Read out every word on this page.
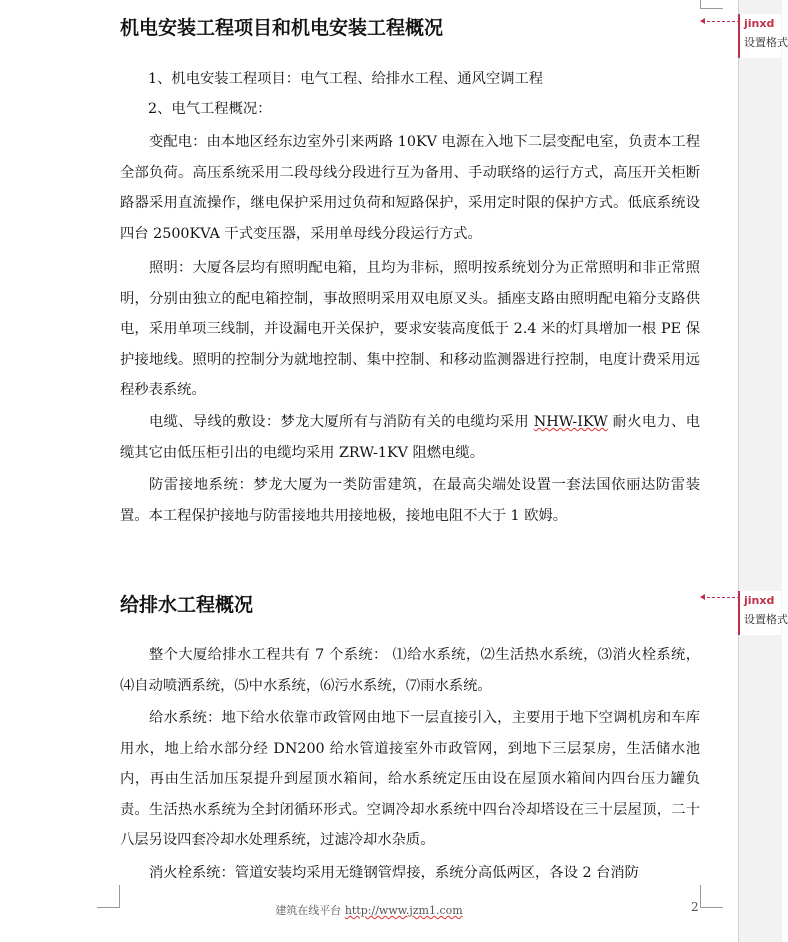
机电安装工程项目和机电安装工程概况

1、机电安装工程项目：电气工程、给排水工程、通风空调工程

2、电气工程概况：

变配电：由本地区经东边室外引来两路 10KV 电源在入地下二层变配电室，负责本工程全部负荷。高压系统采用二段母线分段进行互为备用、手动联络的运行方式，高压开关柜断路器采用直流操作，继电保护采用过负荷和短路保护，采用定时限的保护方式。低底系统设四台 2500KVA 干式变压器，采用单母线分段运行方式。

照明：大厦各层均有照明配电箱，且均为非标，照明按系统划分为正常照明和非正常照明，分别由独立的配电箱控制，事故照明采用双电原叉头。插座支路由照明配电箱分支路供电，采用单项三线制，并设漏电开关保护，要求安装高度低于 2.4 米的灯具增加一根 PE 保护接地线。照明的控制分为就地控制、集中控制、和移动监测器进行控制，电度计费采用远程秒表系统。

电缆、导线的敷设：梦龙大厦所有与消防有关的电缆均采用 NHW-IKW 耐火电力、电缆其它由低压柜引出的电缆均采用 ZRW-1KV 阻燃电缆。

防雷接地系统：梦龙大厦为一类防雷建筑，在最高尖端处设置一套法国依丽达防雷装置。本工程保护接地与防雷接地共用接地极，接地电阻不大于 1 欧姆。

给排水工程概况

整个大厦给排水工程共有 7 个系统： ⑴给水系统，⑵生活热水系统，⑶消火栓系统，⑷自动喷洒系统，⑸中水系统，⑹污水系统，⑺雨水系统。

给水系统：地下给水依靠市政管网由地下一层直接引入，主要用于地下空调机房和车库用水，地上给水部分经 DN200 给水管道接室外市政管网，到地下三层泵房，生活储水池内，再由生活加压泵提升到屋顶水箱间，给水系统定压由设在屋顶水箱间内四台压力罐负责。生活热水系统为全封闭循环形式。空调冷却水系统中四台冷却塔设在三十层屋顶，二十八层另设四套冷却水处理系统，过滤冷却水杂质。

消火栓系统：管道安装均采用无缝钢管焊接，系统分高低两区，各设 2 台消防

建筑在线平台 http://www.jzm1.com	2
jinxd
设置格式
jinxd
设置格式
